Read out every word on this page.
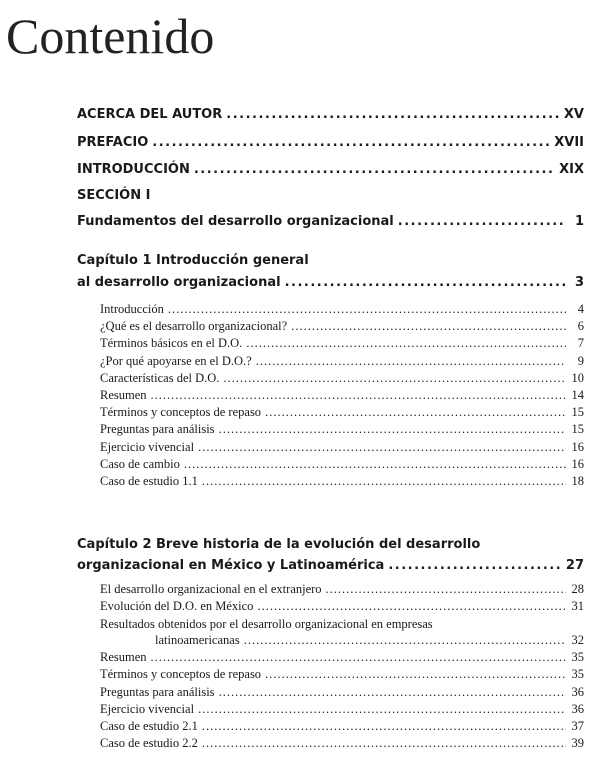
Contenido
ACERCA DEL AUTOR .....	XV
PREFACIO .....	XVII
INTRODUCCIÓN .....	XIX
SECCIÓN I
Fundamentos del desarrollo organizacional .....	1
Capítulo 1 Introducción general
al desarrollo organizacional .....	3
Introducción .....	4
¿Qué es el desarrollo organizacional? .....	6
Términos básicos en el D.O. .....	7
¿Por qué apoyarse en el D.O.? .....	9
Características del D.O. .....	10
Resumen .....	14
Términos y conceptos de repaso .....	15
Preguntas para análisis .....	15
Ejercicio vivencial .....	16
Caso de cambio .....	16
Caso de estudio 1.1 .....	18
Capítulo 2 Breve historia de la evolución del desarrollo
organizacional en México y Latinoamérica .....	27
El desarrollo organizacional en el extranjero .....	28
Evolución del D.O. en México .....	31
Resultados obtenidos por el desarrollo organizacional en empresas
latinoamericanas .....	32
Resumen .....	35
Términos y conceptos de repaso .....	35
Preguntas para análisis .....	36
Ejercicio vivencial .....	36
Caso de estudio 2.1 .....	37
Caso de estudio 2.2 .....	39
